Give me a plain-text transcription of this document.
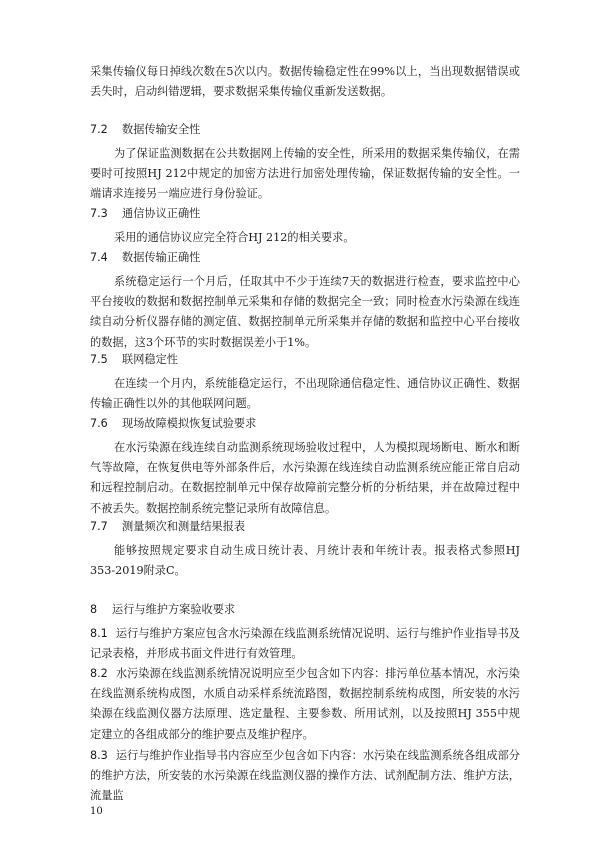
采集传输仪每日掉线次数在5次以内。数据传输稳定性在99%以上，当出现数据错误或丢失时，启动纠错逻辑，要求数据采集传输仪重新发送数据。
7.2 数据传输安全性
为了保证监测数据在公共数据网上传输的安全性，所采用的数据采集传输仪，在需要时可按照HJ 212中规定的加密方法进行加密处理传输，保证数据传输的安全性。一端请求连接另一端应进行身份验证。
7.3 通信协议正确性
采用的通信协议应完全符合HJ 212的相关要求。
7.4 数据传输正确性
系统稳定运行一个月后，任取其中不少于连续7天的数据进行检查，要求监控中心平台接收的数据和数据控制单元采集和存储的数据完全一致；同时检查水污染源在线连续自动分析仪器存储的测定值、数据控制单元所采集并存储的数据和监控中心平台接收的数据，这3个环节的实时数据误差小于1%。
7.5 联网稳定性
在连续一个月内，系统能稳定运行，不出现除通信稳定性、通信协议正确性、数据传输正确性以外的其他联网问题。
7.6 现场故障模拟恢复试验要求
在水污染源在线连续自动监测系统现场验收过程中，人为模拟现场断电、断水和断气等故障，在恢复供电等外部条件后，水污染源在线连续自动监测系统应能正常自启动和远程控制启动。在数据控制单元中保存故障前完整分析的分析结果，并在故障过程中不被丢失。数据控制系统完整记录所有故障信息。
7.7 测量频次和测量结果报表
能够按照规定要求自动生成日统计表、月统计表和年统计表。报表格式参照HJ 353-2019附录C。
8 运行与维护方案验收要求
8.1 运行与维护方案应包含水污染源在线监测系统情况说明、运行与维护作业指导书及记录表格，并形成书面文件进行有效管理。
8.2 水污染源在线监测系统情况说明应至少包含如下内容：排污单位基本情况，水污染在线监测系统构成图，水质自动采样系统流路图，数据控制系统构成图，所安装的水污染源在线监测仪器方法原理、选定量程、主要参数、所用试剂，以及按照HJ 355中规定建立的各组成部分的维护要点及维护程序。
8.3 运行与维护作业指导书内容应至少包含如下内容：水污染在线监测系统各组成部分的维护方法，所安装的水污染源在线监测仪器的操作方法、试剂配制方法、维护方法，流量监
10
